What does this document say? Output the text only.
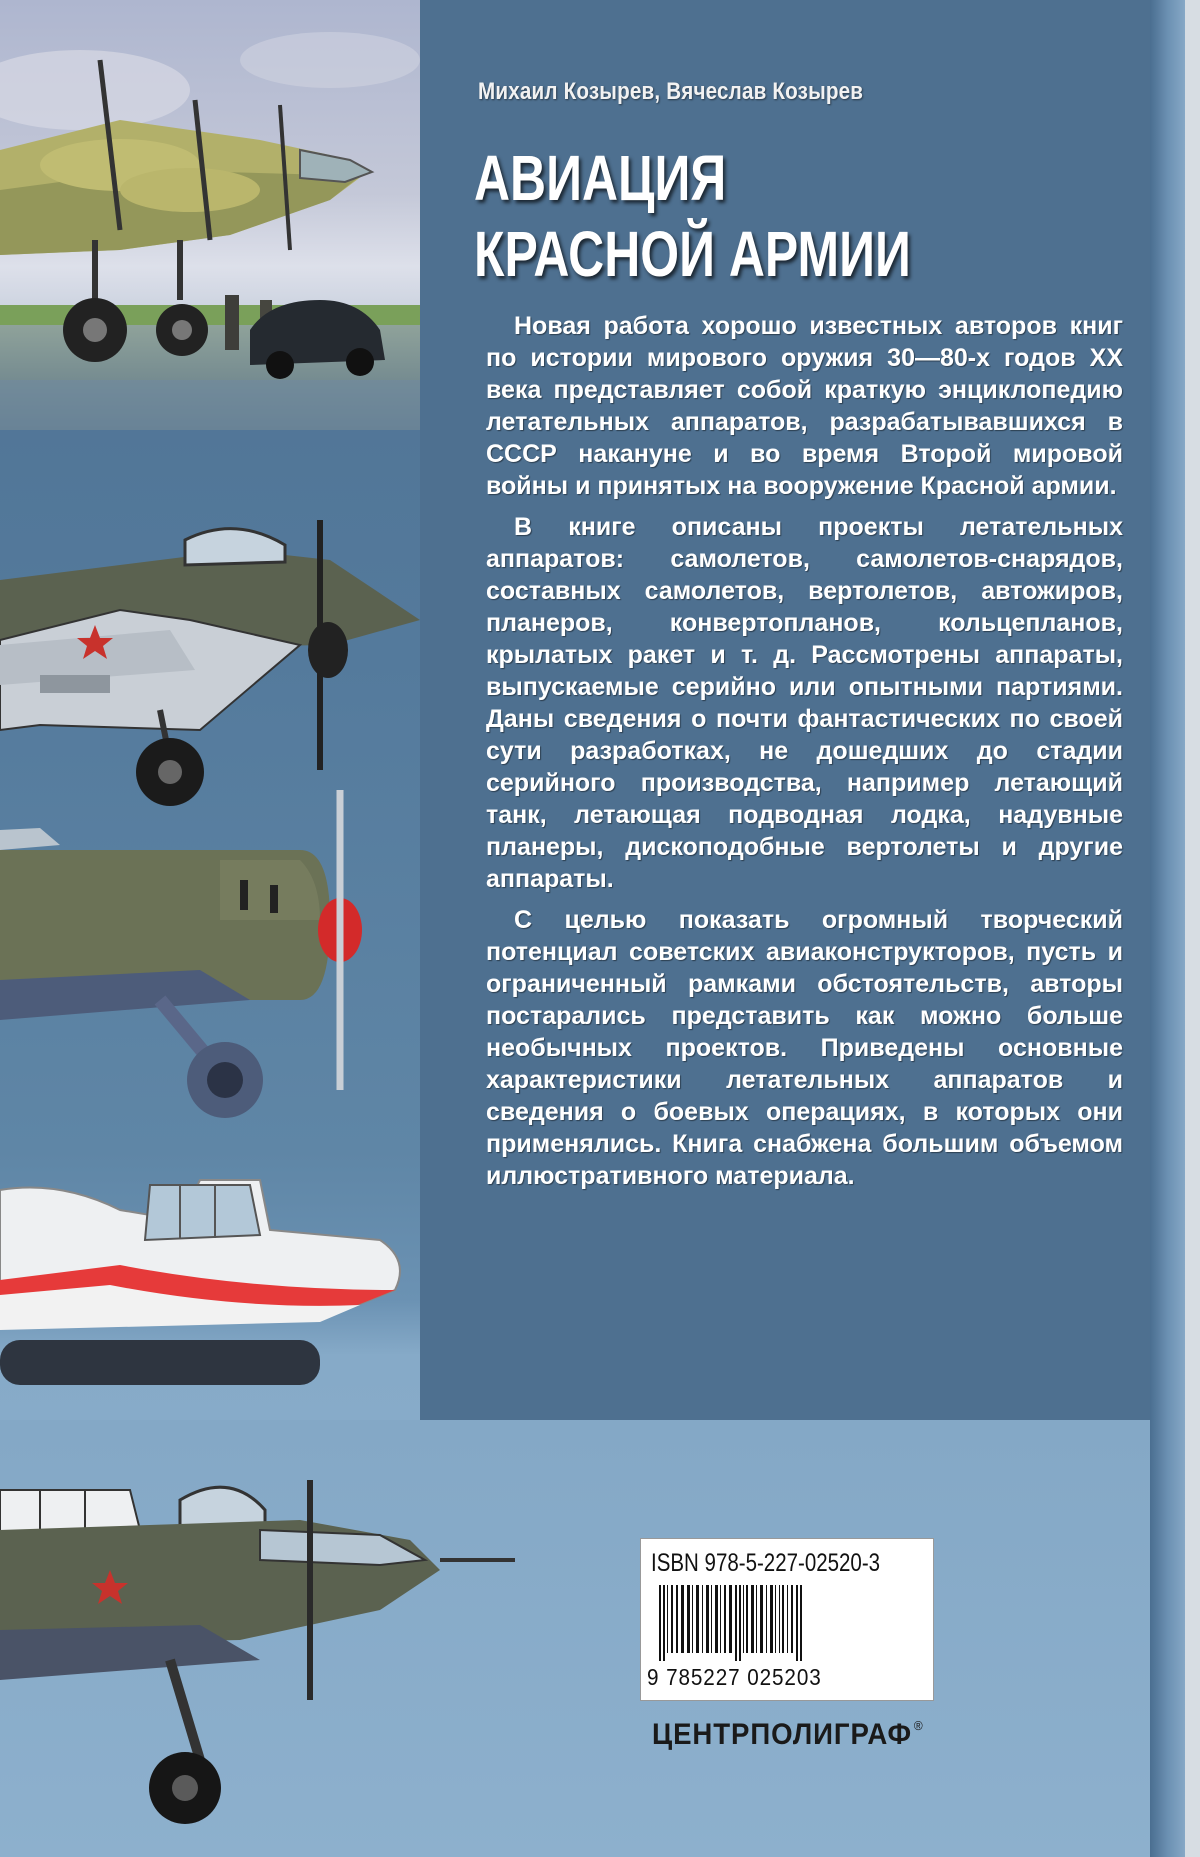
Михаил Козырев, Вячеслав Козырев
АВИАЦИЯ
КРАСНОЙ АРМИИ

Новая работа хорошо известных авторов книг по истории мирового оружия 30—80-х годов XX века представляет собой краткую энциклопедию летательных аппаратов, разрабатывавшихся в СССР накануне и во время Второй мировой войны и принятых на вооружение Красной армии.

В книге описаны проекты летательных аппаратов: самолетов, самолетов-снарядов, составных самолетов, вертолетов, автожиров, планеров, конвертопланов, кольцепланов, крылатых ракет и т. д. Рассмотрены аппараты, выпускаемые серийно или опытными партиями. Даны сведения о почти фантастических по своей сути разработках, не дошедших до стадии серийного производства, например летающий танк, летающая подводная лодка, надувные планеры, дископодобные вертолеты и другие аппараты.

С целью показать огромный творческий потенциал советских авиаконструкторов, пусть и ограниченный рамками обстоятельств, авторы постарались представить как можно больше необычных проектов. Приведены основные характеристики летательных аппаратов и сведения о боевых операциях, в которых они применялись. Книга снабжена большим объемом иллюстративного материала.

ISBN 978-5-227-02520-3
9 785227 025203
ЦЕНТРПОЛИГРАФ ®
